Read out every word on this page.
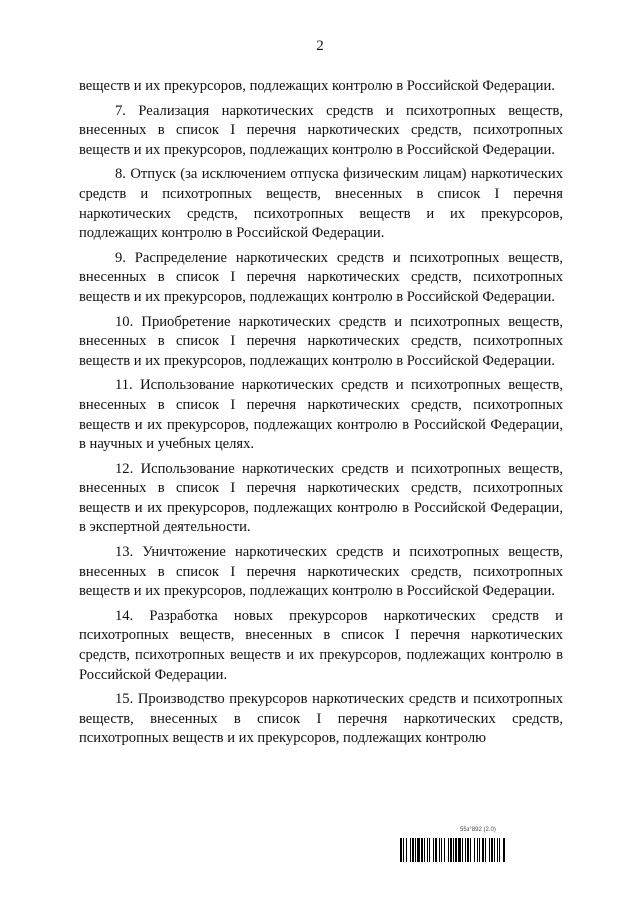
2

веществ и их прекурсоров, подлежащих контролю в Российской Федерации.

7. Реализация наркотических средств и психотропных веществ, внесенных в список I перечня наркотических средств, психотропных веществ и их прекурсоров, подлежащих контролю в Российской Федерации.

8. Отпуск (за исключением отпуска физическим лицам) наркотических средств и психотропных веществ, внесенных в список I перечня наркотических средств, психотропных веществ и их прекурсоров, подлежащих контролю в Российской Федерации.

9. Распределение наркотических средств и психотропных веществ, внесенных в список I перечня наркотических средств, психотропных веществ и их прекурсоров, подлежащих контролю в Российской Федерации.

10. Приобретение наркотических средств и психотропных веществ, внесенных в список I перечня наркотических средств, психотропных веществ и их прекурсоров, подлежащих контролю в Российской Федерации.

11. Использование наркотических средств и психотропных веществ, внесенных в список I перечня наркотических средств, психотропных веществ и их прекурсоров, подлежащих контролю в Российской Федерации, в научных и учебных целях.

12. Использование наркотических средств и психотропных веществ, внесенных в список I перечня наркотических средств, психотропных веществ и их прекурсоров, подлежащих контролю в Российской Федерации, в экспертной деятельности.

13. Уничтожение наркотических средств и психотропных веществ, внесенных в список I перечня наркотических средств, психотропных веществ и их прекурсоров, подлежащих контролю в Российской Федерации.

14. Разработка новых прекурсоров наркотических средств и психотропных веществ, внесенных в список I перечня наркотических средств, психотропных веществ и их прекурсоров, подлежащих контролю в Российской Федерации.

15. Производство прекурсоров наркотических средств и психотропных веществ, внесенных в список I перечня наркотических средств, психотропных веществ и их прекурсоров, подлежащих контролю

55з°892 (2.0)
